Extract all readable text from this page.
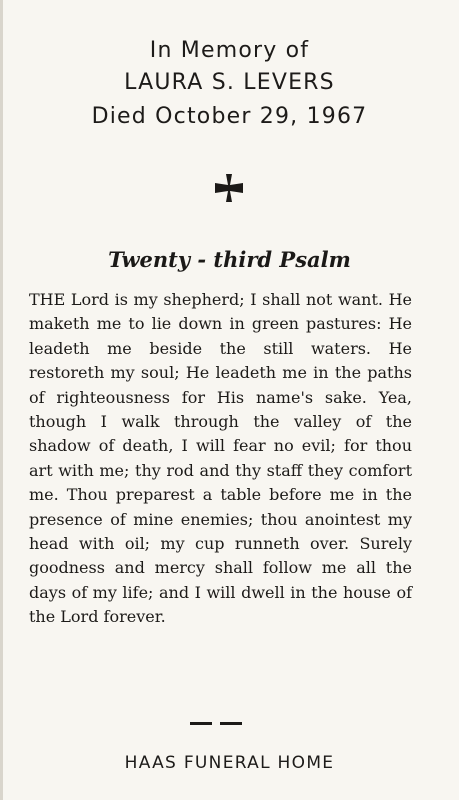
In Memory of
LAURA S. LEVERS
Died October 29, 1967
Twenty - third Psalm

THE Lord is my shepherd; I shall not want. He maketh me to lie down in green pastures: He leadeth me beside the still waters. He restoreth my soul; He leadeth me in the paths of righteousness for His name's sake. Yea, though I walk through the valley of the shadow of death, I will fear no evil; for thou art with me; thy rod and thy staff they comfort me. Thou preparest a table before me in the presence of mine enemies; thou anointest my head with oil; my cup runneth over. Surely goodness and mercy shall follow me all the days of my life; and I will dwell in the house of the Lord forever.

HAAS FUNERAL HOME
